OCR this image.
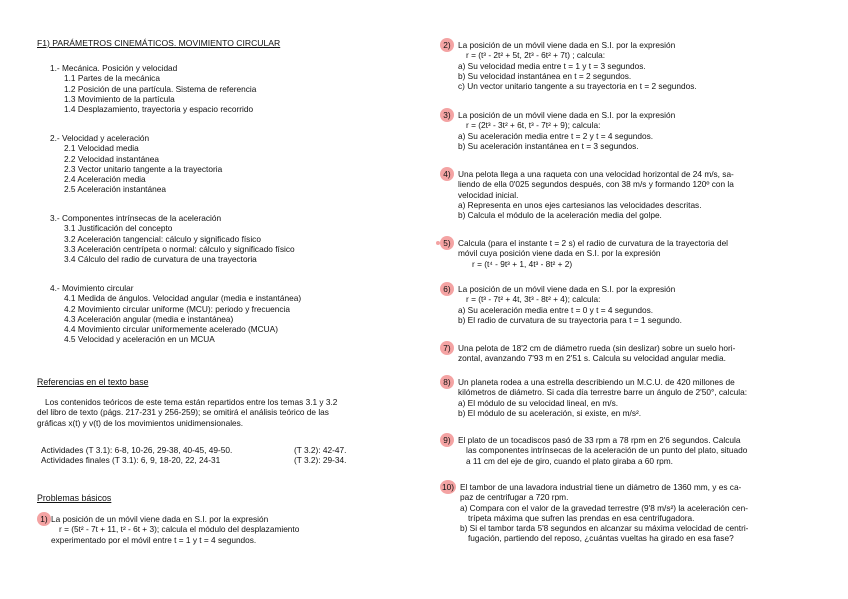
F1) PARÁMETROS CINEMÁTICOS. MOVIMIENTO CIRCULAR
1.- Mecánica. Posición y velocidad
1.1 Partes de la mecánica
1.2 Posición de una partícula. Sistema de referencia
1.3 Movimiento de la partícula
1.4 Desplazamiento, trayectoria y espacio recorrido
2.- Velocidad y aceleración
2.1 Velocidad media
2.2 Velocidad instantánea
2.3 Vector unitario tangente a la trayectoria
2.4 Aceleración media
2.5 Aceleración instantánea
3.- Componentes intrínsecas de la aceleración
3.1 Justificación del concepto
3.2 Aceleración tangencial: cálculo y significado físico
3.3 Aceleración centrípeta o normal: cálculo y significado físico
3.4 Cálculo del radio de curvatura de una trayectoria
4.- Movimiento circular
4.1 Medida de ángulos. Velocidad angular (media e instantánea)
4.2 Movimiento circular uniforme (MCU): periodo y frecuencia
4.3 Aceleración angular (media e instantánea)
4.4 Movimiento circular uniformemente acelerado (MCUA)
4.5 Velocidad y aceleración en un MCUA
Referencias en el texto base
Los contenidos teóricos de este tema están repartidos entre los temas 3.1 y 3.2
del libro de texto (págs. 217-231 y 256-259); se omitirá el análisis teórico de las
gráficas x(t) y v(t) de los movimientos unidimensionales.
Actividades (T 3.1): 6-8, 10-26, 29-38, 40-45, 49-50.	(T 3.2): 42-47.
Actividades finales (T 3.1): 6, 9, 18-20, 22, 24-31	(T 3.2): 29-34.
Problemas básicos
1) La posición de un móvil viene dada en S.I. por la expresión
r = (5t² - 7t + 11, t² - 6t + 3); calcula el módulo del desplazamiento
experimentado por el móvil entre t = 1 y t = 4 segundos.
2) La posición de un móvil viene dada en S.I. por la expresión
r = (t³ - 2t² + 5t, 2t³ - 6t² + 7t) ; calcula:
a) Su velocidad media entre t = 1 y t = 3 segundos.
b) Su velocidad instantánea en t = 2 segundos.
c) Un vector unitario tangente a su trayectoria en t = 2 segundos.
3) La posición de un móvil viene dada en S.I. por la expresión
r = (2t³ - 3t² + 6t, t³ - 7t² + 9); calcula:
a) Su aceleración media entre t = 2 y t = 4 segundos.
b) Su aceleración instantánea en t = 3 segundos.
4) Una pelota llega a una raqueta con una velocidad horizontal de 24 m/s, sa-
liendo de ella 0'025 segundos después, con 38 m/s y formando 120º con la
velocidad inicial.
a) Representa en unos ejes cartesianos las velocidades descritas.
b) Calcula el módulo de la aceleración media del golpe.
5) Calcula (para el instante t = 2 s) el radio de curvatura de la trayectoria del
móvil cuya posición viene dada en S.I. por la expresión
r = (t⁴ - 9t³ + 1, 4t³ - 8t² + 2)
6) La posición de un móvil viene dada en S.I. por la expresión
r = (t³ - 7t² + 4t, 3t³ - 8t² + 4); calcula:
a) Su aceleración media entre t = 0 y t = 4 segundos.
b) El radio de curvatura de su trayectoria para t = 1 segundo.
7) Una pelota de 18'2 cm de diámetro rueda (sin deslizar) sobre un suelo hori-
zontal, avanzando 7'93 m en 2'51 s. Calcula su velocidad angular media.
8) Un planeta rodea a una estrella describiendo un M.C.U. de 420 millones de
kilómetros de diámetro. Si cada día terrestre barre un ángulo de 2'50°, calcula:
a) El módulo de su velocidad lineal, en m/s.
b) El módulo de su aceleración, si existe, en m/s².
9) El plato de un tocadiscos pasó de 33 rpm a 78 rpm en 2'6 segundos. Calcula
las componentes intrínsecas de la aceleración de un punto del plato, situado
a 11 cm del eje de giro, cuando el plato giraba a 60 rpm.
10) El tambor de una lavadora industrial tiene un diámetro de 1360 mm, y es ca-
paz de centrifugar a 720 rpm.
a) Compara con el valor de la gravedad terrestre (9'8 m/s²) la aceleración cen-
trípeta máxima que sufren las prendas en esa centrifugadora.
b) Si el tambor tarda 5'8 segundos en alcanzar su máxima velocidad de centri-
fugación, partiendo del reposo, ¿cuántas vueltas ha girado en esa fase?
